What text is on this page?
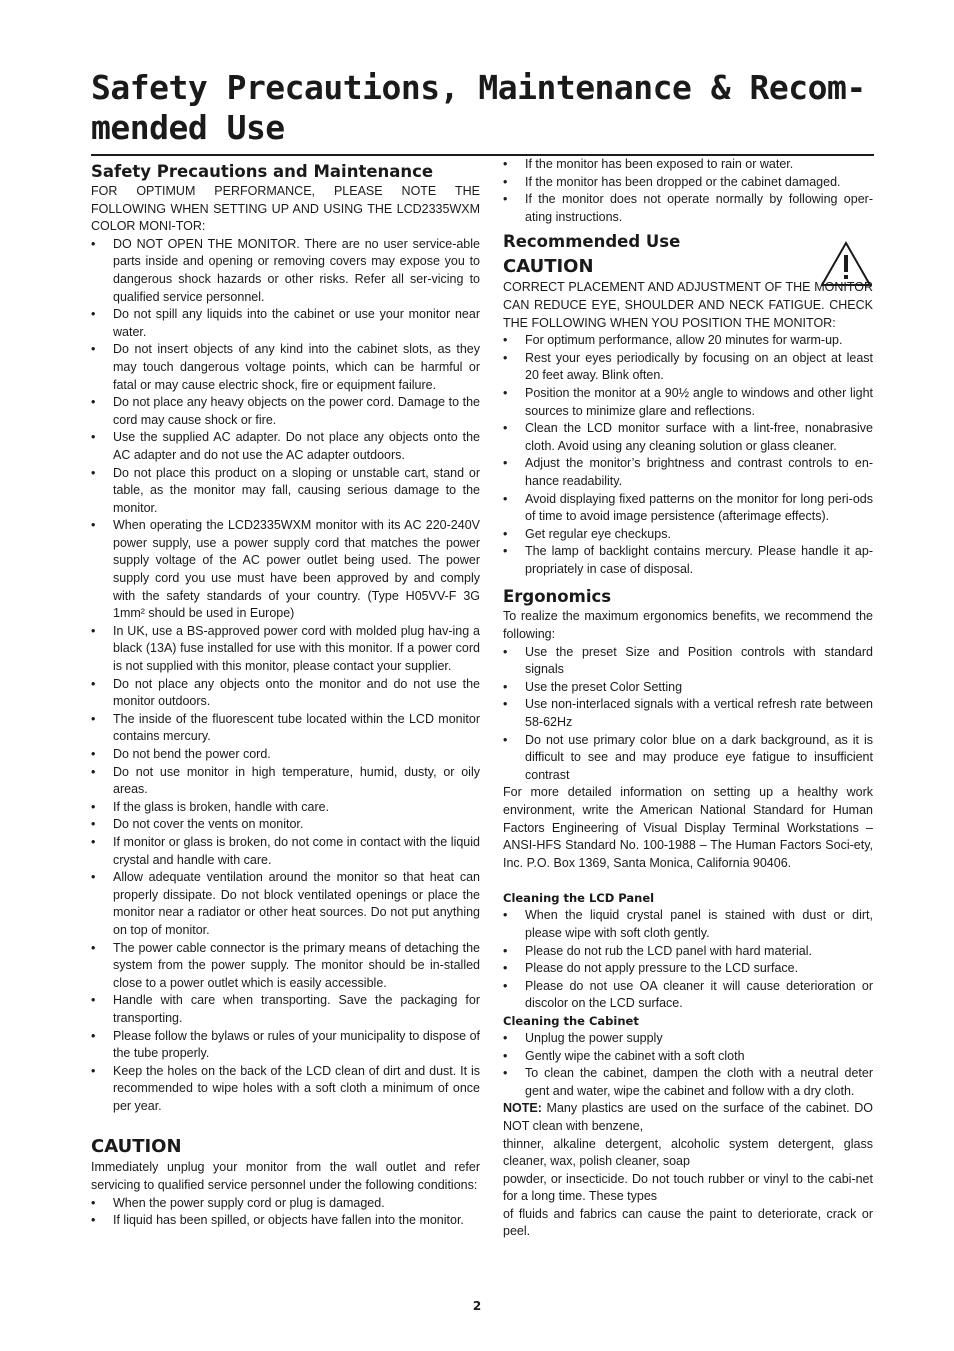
Safety Precautions, Maintenance & Recom- mended Use
Safety Precautions and Maintenance

FOR OPTIMUM PERFORMANCE, PLEASE NOTE THE FOLLOWING WHEN SETTING UP AND USING THE LCD2335WXM COLOR MONI-TOR:

• DO NOT OPEN THE MONITOR. There are no user service-able parts inside and opening or removing covers may expose you to dangerous shock hazards or other risks. Refer all ser-vicing to qualified service personnel.
• Do not spill any liquids into the cabinet or use your monitor near water.
• Do not insert objects of any kind into the cabinet slots, as they may touch dangerous voltage points, which can be harmful or fatal or may cause electric shock, fire or equipment failure.
• Do not place any heavy objects on the power cord. Damage to the cord may cause shock or fire.
• Use the supplied AC adapter. Do not place any objects onto the AC adapter and do not use the AC adapter outdoors.
• Do not place this product on a sloping or unstable cart, stand or table, as the monitor may fall, causing serious damage to the monitor.
• When operating the LCD2335WXM monitor with its AC 220-240V power supply, use a power supply cord that matches the power supply voltage of the AC power outlet being used. The power supply cord you use must have been approved by and comply with the safety standards of your country. (Type H05VV-F 3G 1mm² should be used in Europe)
• In UK, use a BS-approved power cord with molded plug hav-ing a black (13A) fuse installed for use with this monitor. If a power cord is not supplied with this monitor, please contact your supplier.
• Do not place any objects onto the monitor and do not use the monitor outdoors.
• The inside of the fluorescent tube located within the LCD monitor contains mercury.
• Do not bend the power cord.
• Do not use monitor in high temperature, humid, dusty, or oily areas.
• If the glass is broken, handle with care.
• Do not cover the vents on monitor.
• If monitor or glass is broken, do not come in contact with the liquid crystal and handle with care.
• Allow adequate ventilation around the monitor so that heat can properly dissipate. Do not block ventilated openings or place the monitor near a radiator or other heat sources. Do not put anything on top of monitor.
• The power cable connector is the primary means of detaching the system from the power supply. The monitor should be in-stalled close to a power outlet which is easily accessible.
• Handle with care when transporting. Save the packaging for transporting.
• Please follow the bylaws or rules of your municipality to dispose of the tube properly.
• Keep the holes on the back of the LCD clean of dirt and dust. It is recommended to wipe holes with a soft cloth a minimum of once per year.
CAUTION

Immediately unplug your monitor from the wall outlet and refer servicing to qualified service personnel under the following conditions:

• When the power supply cord or plug is damaged.
• If liquid has been spilled, or objects have fallen into the monitor.
• If the monitor has been exposed to rain or water.
• If the monitor has been dropped or the cabinet damaged.
• If the monitor does not operate normally by following oper-ating instructions.
Recommended Use
CAUTION

CORRECT PLACEMENT AND ADJUSTMENT OF THE MONITOR CAN REDUCE EYE, SHOULDER AND NECK FATIGUE. CHECK THE FOLLOWING WHEN YOU POSITION THE MONITOR:

• For optimum performance, allow 20 minutes for warm-up.
• Rest your eyes periodically by focusing on an object at least 20 feet away. Blink often.
• Position the monitor at a 90½ angle to windows and other light sources to minimize glare and reflections.
• Clean the LCD monitor surface with a lint-free, nonabrasive cloth. Avoid using any cleaning solution or glass cleaner.
• Adjust the monitor’s brightness and contrast controls to en-hance readability.
• Avoid displaying fixed patterns on the monitor for long peri-ods of time to avoid image persistence (afterimage effects).
• Get regular eye checkups.
• The lamp of backlight contains mercury. Please handle it ap-propriately in case of disposal.
Ergonomics

To realize the maximum ergonomics benefits, we recommend the following:

• Use the preset Size and Position controls with standard signals
• Use the preset Color Setting
• Use non-interlaced signals with a vertical refresh rate between 58-62Hz
• Do not use primary color blue on a dark background, as it is difficult to see and may produce eye fatigue to insufficient contrast

For more detailed information on setting up a healthy work environment, write the American National Standard for Human Factors Engineering of Visual Display Terminal Workstations – ANSI-HFS Standard No. 100-1988 – The Human Factors Soci-ety, Inc. P.O. Box 1369, Santa Monica, California 90406.

Cleaning the LCD Panel
• When the liquid crystal panel is stained with dust or dirt, please wipe with soft cloth gently.
• Please do not rub the LCD panel with hard material.
• Please do not apply pressure to the LCD surface.
• Please do not use OA cleaner it will cause deterioration or discolor on the LCD surface.
Cleaning the Cabinet
• Unplug the power supply
• Gently wipe the cabinet with a soft cloth
• To clean the cabinet, dampen the cloth with a neutral deter gent and water, wipe the cabinet and follow with a dry cloth.

NOTE: Many plastics are used on the surface of the cabinet. DO NOT clean with benzene,

thinner, alkaline detergent, alcoholic system detergent, glass cleaner, wax, polish cleaner, soap

powder, or insecticide. Do not touch rubber or vinyl to the cabi-net for a long time. These types

of fluids and fabrics can cause the paint to deteriorate, crack or peel.

2
